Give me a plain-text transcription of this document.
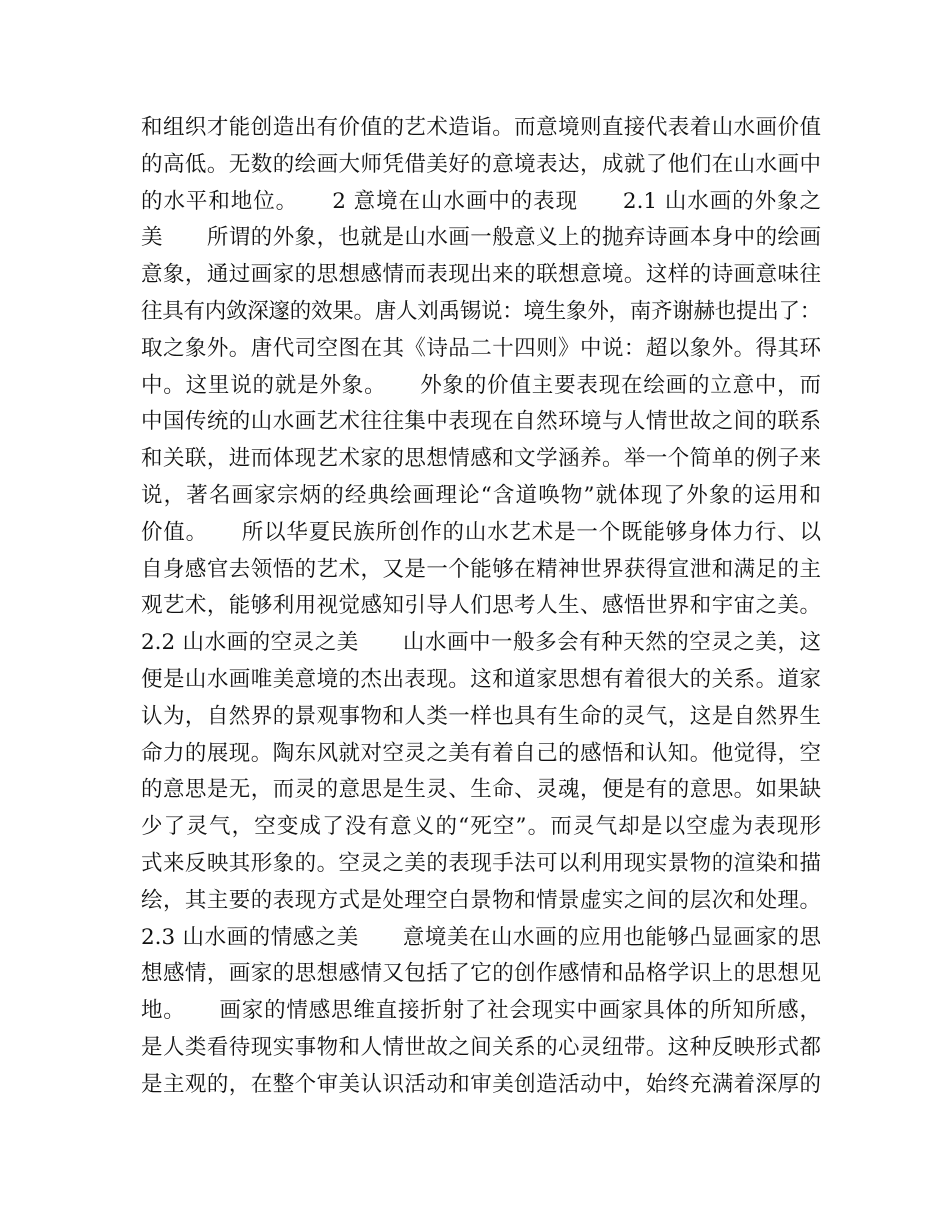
和组织才能创造出有价值的艺术造诣。而意境则直接代表着山水画价值
的高低。无数的绘画大师凭借美好的意境表达，成就了他们在山水画中
的水平和地位。　　2 意境在山水画中的表现　　2.1 山水画的外象之
美　　所谓的外象，也就是山水画一般意义上的抛弃诗画本身中的绘画
意象，通过画家的思想感情而表现出来的联想意境。这样的诗画意味往
往具有内敛深邃的效果。唐人刘禹锡说：境生象外，南齐谢赫也提出了：
取之象外。唐代司空图在其《诗品二十四则》中说：超以象外。得其环
中。这里说的就是外象。　　外象的价值主要表现在绘画的立意中，而
中国传统的山水画艺术往往集中表现在自然环境与人情世故之间的联系
和关联，进而体现艺术家的思想情感和文学涵养。举一个简单的例子来
说，著名画家宗炳的经典绘画理论“含道唤物”就体现了外象的运用和
价值。　　所以华夏民族所创作的山水艺术是一个既能够身体力行、以
自身感官去领悟的艺术，又是一个能够在精神世界获得宣泄和满足的主
观艺术，能够利用视觉感知引导人们思考人生、感悟世界和宇宙之美。
2.2 山水画的空灵之美　　山水画中一般多会有种天然的空灵之美，这
便是山水画唯美意境的杰出表现。这和道家思想有着很大的关系。道家
认为，自然界的景观事物和人类一样也具有生命的灵气，这是自然界生
命力的展现。陶东风就对空灵之美有着自己的感悟和认知。他觉得，空
的意思是无，而灵的意思是生灵、生命、灵魂，便是有的意思。如果缺
少了灵气，空变成了没有意义的“死空”。而灵气却是以空虚为表现形
式来反映其形象的。空灵之美的表现手法可以利用现实景物的渲染和描
绘，其主要的表现方式是处理空白景物和情景虚实之间的层次和处理。
2.3 山水画的情感之美　　意境美在山水画的应用也能够凸显画家的思
想感情，画家的思想感情又包括了它的创作感情和品格学识上的思想见
地。　　画家的情感思维直接折射了社会现实中画家具体的所知所感，
是人类看待现实事物和人情世故之间关系的心灵纽带。这种反映形式都
是主观的，在整个审美认识活动和审美创造活动中，始终充满着深厚的
